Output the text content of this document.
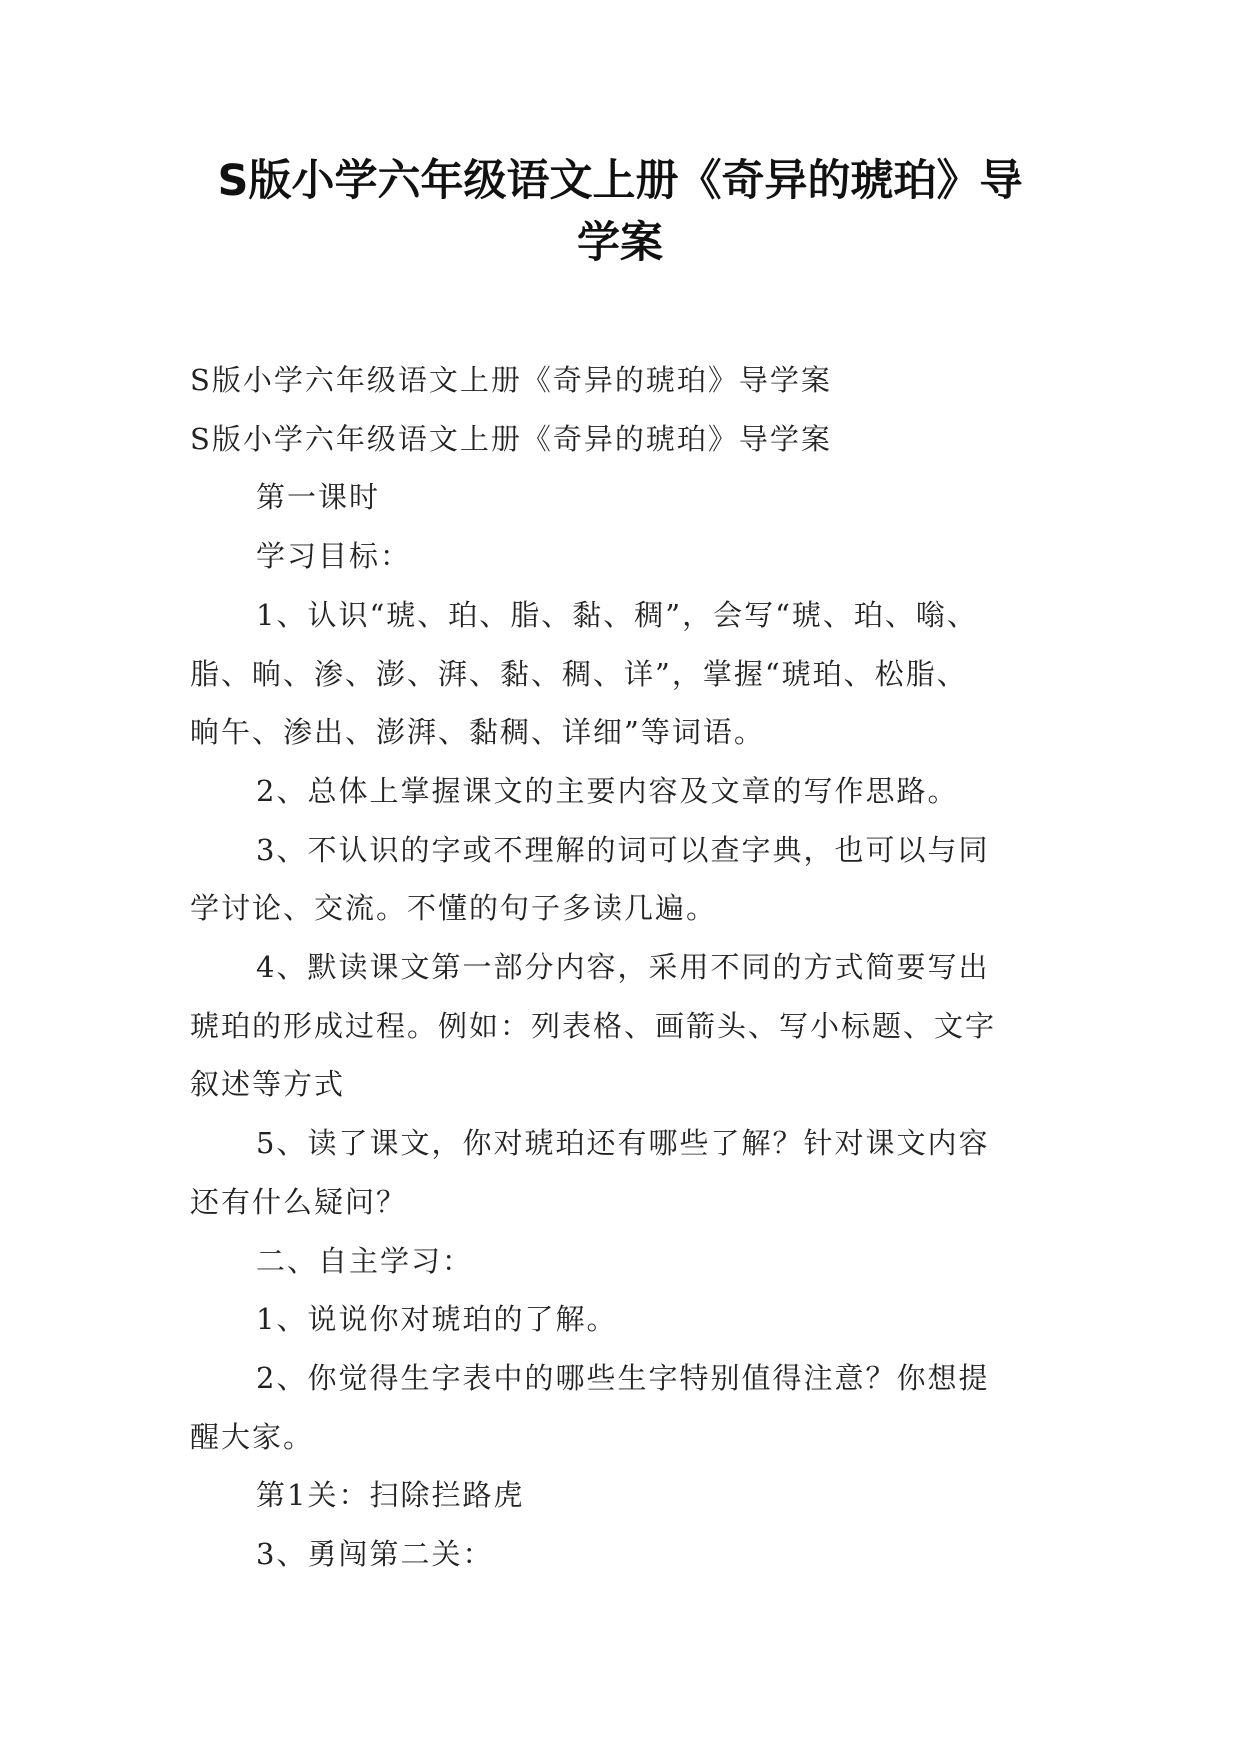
S版小学六年级语文上册《奇异的琥珀》导
学案
S版小学六年级语文上册《奇异的琥珀》导学案
S版小学六年级语文上册《奇异的琥珀》导学案
第一课时
学习目标：
1、认识“琥、珀、脂、黏、稠”，会写“琥、珀、嗡、
脂、晌、渗、澎、湃、黏、稠、详”，掌握“琥珀、松脂、
晌午、渗出、澎湃、黏稠、详细”等词语。
2、总体上掌握课文的主要内容及文章的写作思路。
3、不认识的字或不理解的词可以查字典，也可以与同
学讨论、交流。不懂的句子多读几遍。
4、默读课文第一部分内容，采用不同的方式简要写出
琥珀的形成过程。例如：列表格、画箭头、写小标题、文字
叙述等方式
5、读了课文，你对琥珀还有哪些了解？针对课文内容
还有什么疑问？
二、自主学习：
1、说说你对琥珀的了解。
2、你觉得生字表中的哪些生字特别值得注意？你想提
醒大家。
第1关：扫除拦路虎
3、勇闯第二关：
